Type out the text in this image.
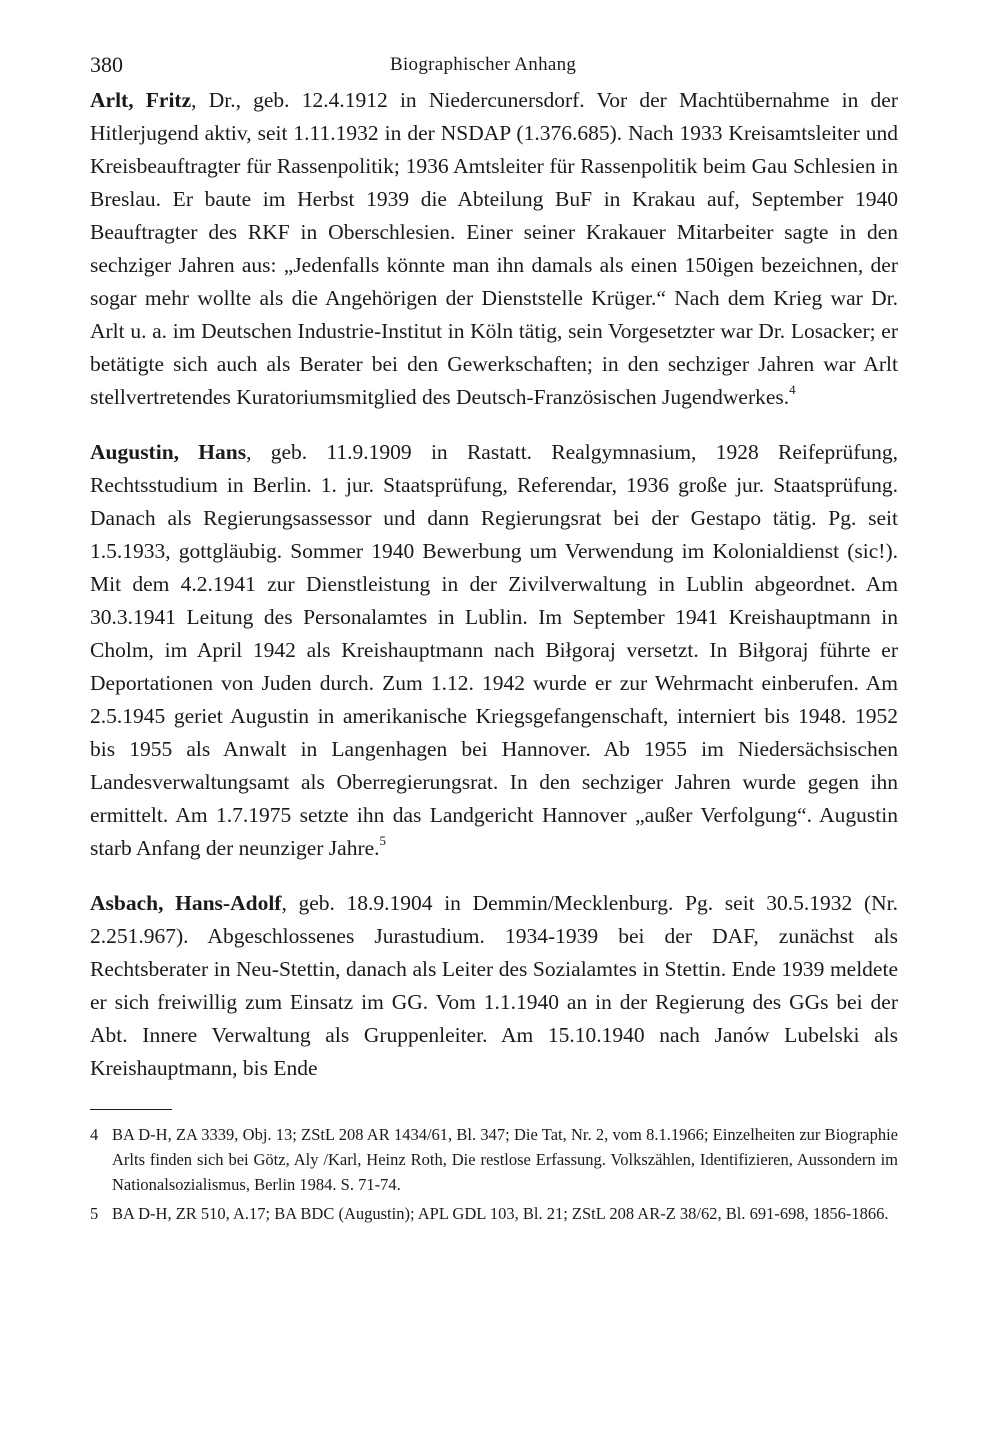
380	Biographischer Anhang

Arlt, Fritz, Dr., geb. 12.4.1912 in Niedercunersdorf. Vor der Machtübernahme in der Hitlerjugend aktiv, seit 1.11.1932 in der NSDAP (1.376.685). Nach 1933 Kreisamtsleiter und Kreisbeauftragter für Rassenpolitik; 1936 Amtsleiter für Rassenpolitik beim Gau Schlesien in Breslau. Er baute im Herbst 1939 die Abteilung BuF in Krakau auf, September 1940 Beauftragter des RKF in Oberschlesien. Einer seiner Krakauer Mitarbeiter sagte in den sechziger Jahren aus: „Jedenfalls könnte man ihn damals als einen 150igen bezeichnen, der sogar mehr wollte als die Angehörigen der Dienststelle Krüger.“ Nach dem Krieg war Dr. Arlt u. a. im Deutschen Industrie-Institut in Köln tätig, sein Vorgesetzter war Dr. Losacker; er betätigte sich auch als Berater bei den Gewerkschaften; in den sechziger Jahren war Arlt stellvertretendes Kuratoriumsmitglied des Deutsch-Französischen Jugendwerkes.$^4$

Augustin, Hans, geb. 11.9.1909 in Rastatt. Realgymnasium, 1928 Reifeprüfung, Rechtsstudium in Berlin. 1. jur. Staatsprüfung, Referendar, 1936 große jur. Staatsprüfung. Danach als Regierungsassessor und dann Regierungsrat bei der Gestapo tätig. Pg. seit 1.5.1933, gottgläubig. Sommer 1940 Bewerbung um Verwendung im Kolonialdienst (sic!). Mit dem 4.2.1941 zur Dienstleistung in der Zivilverwaltung in Lublin abgeordnet. Am 30.3.1941 Leitung des Personalamtes in Lublin. Im September 1941 Kreishauptmann in Cholm, im April 1942 als Kreishauptmann nach Biłgoraj versetzt. In Biłgoraj führte er Deportationen von Juden durch. Zum 1.12. 1942 wurde er zur Wehrmacht einberufen. Am 2.5.1945 geriet Augustin in amerikanische Kriegsgefangenschaft, interniert bis 1948. 1952 bis 1955 als Anwalt in Langenhagen bei Hannover. Ab 1955 im Niedersächsischen Landesverwaltungsamt als Oberregierungsrat. In den sechziger Jahren wurde gegen ihn ermittelt. Am 1.7.1975 setzte ihn das Landgericht Hannover „außer Verfolgung“. Augustin starb Anfang der neunziger Jahre.$^5$

Asbach, Hans-Adolf, geb. 18.9.1904 in Demmin/Mecklenburg. Pg. seit 30.5.1932 (Nr. 2.251.967). Abgeschlossenes Jurastudium. 1934-1939 bei der DAF, zunächst als Rechtsberater in Neu-Stettin, danach als Leiter des Sozialamtes in Stettin. Ende 1939 meldete er sich freiwillig zum Einsatz im GG. Vom 1.1.1940 an in der Regierung des GGs bei der Abt. Innere Verwaltung als Gruppenleiter. Am 15.10.1940 nach Janów Lubelski als Kreishauptmann, bis Ende

4 BA D-H, ZA 3339, Obj. 13; ZStL 208 AR 1434/61, Bl. 347; Die Tat, Nr. 2, vom 8.1.1966; Einzelheiten zur Biographie Arlts finden sich bei Götz, Aly /Karl, Heinz Roth, Die restlose Erfassung. Volkszählen, Identifizieren, Aussondern im Nationalsozialismus, Berlin 1984. S. 71-74.
5 BA D-H, ZR 510, A.17; BA BDC (Augustin); APL GDL 103, Bl. 21; ZStL 208 AR-Z 38/62, Bl. 691-698, 1856-1866.
